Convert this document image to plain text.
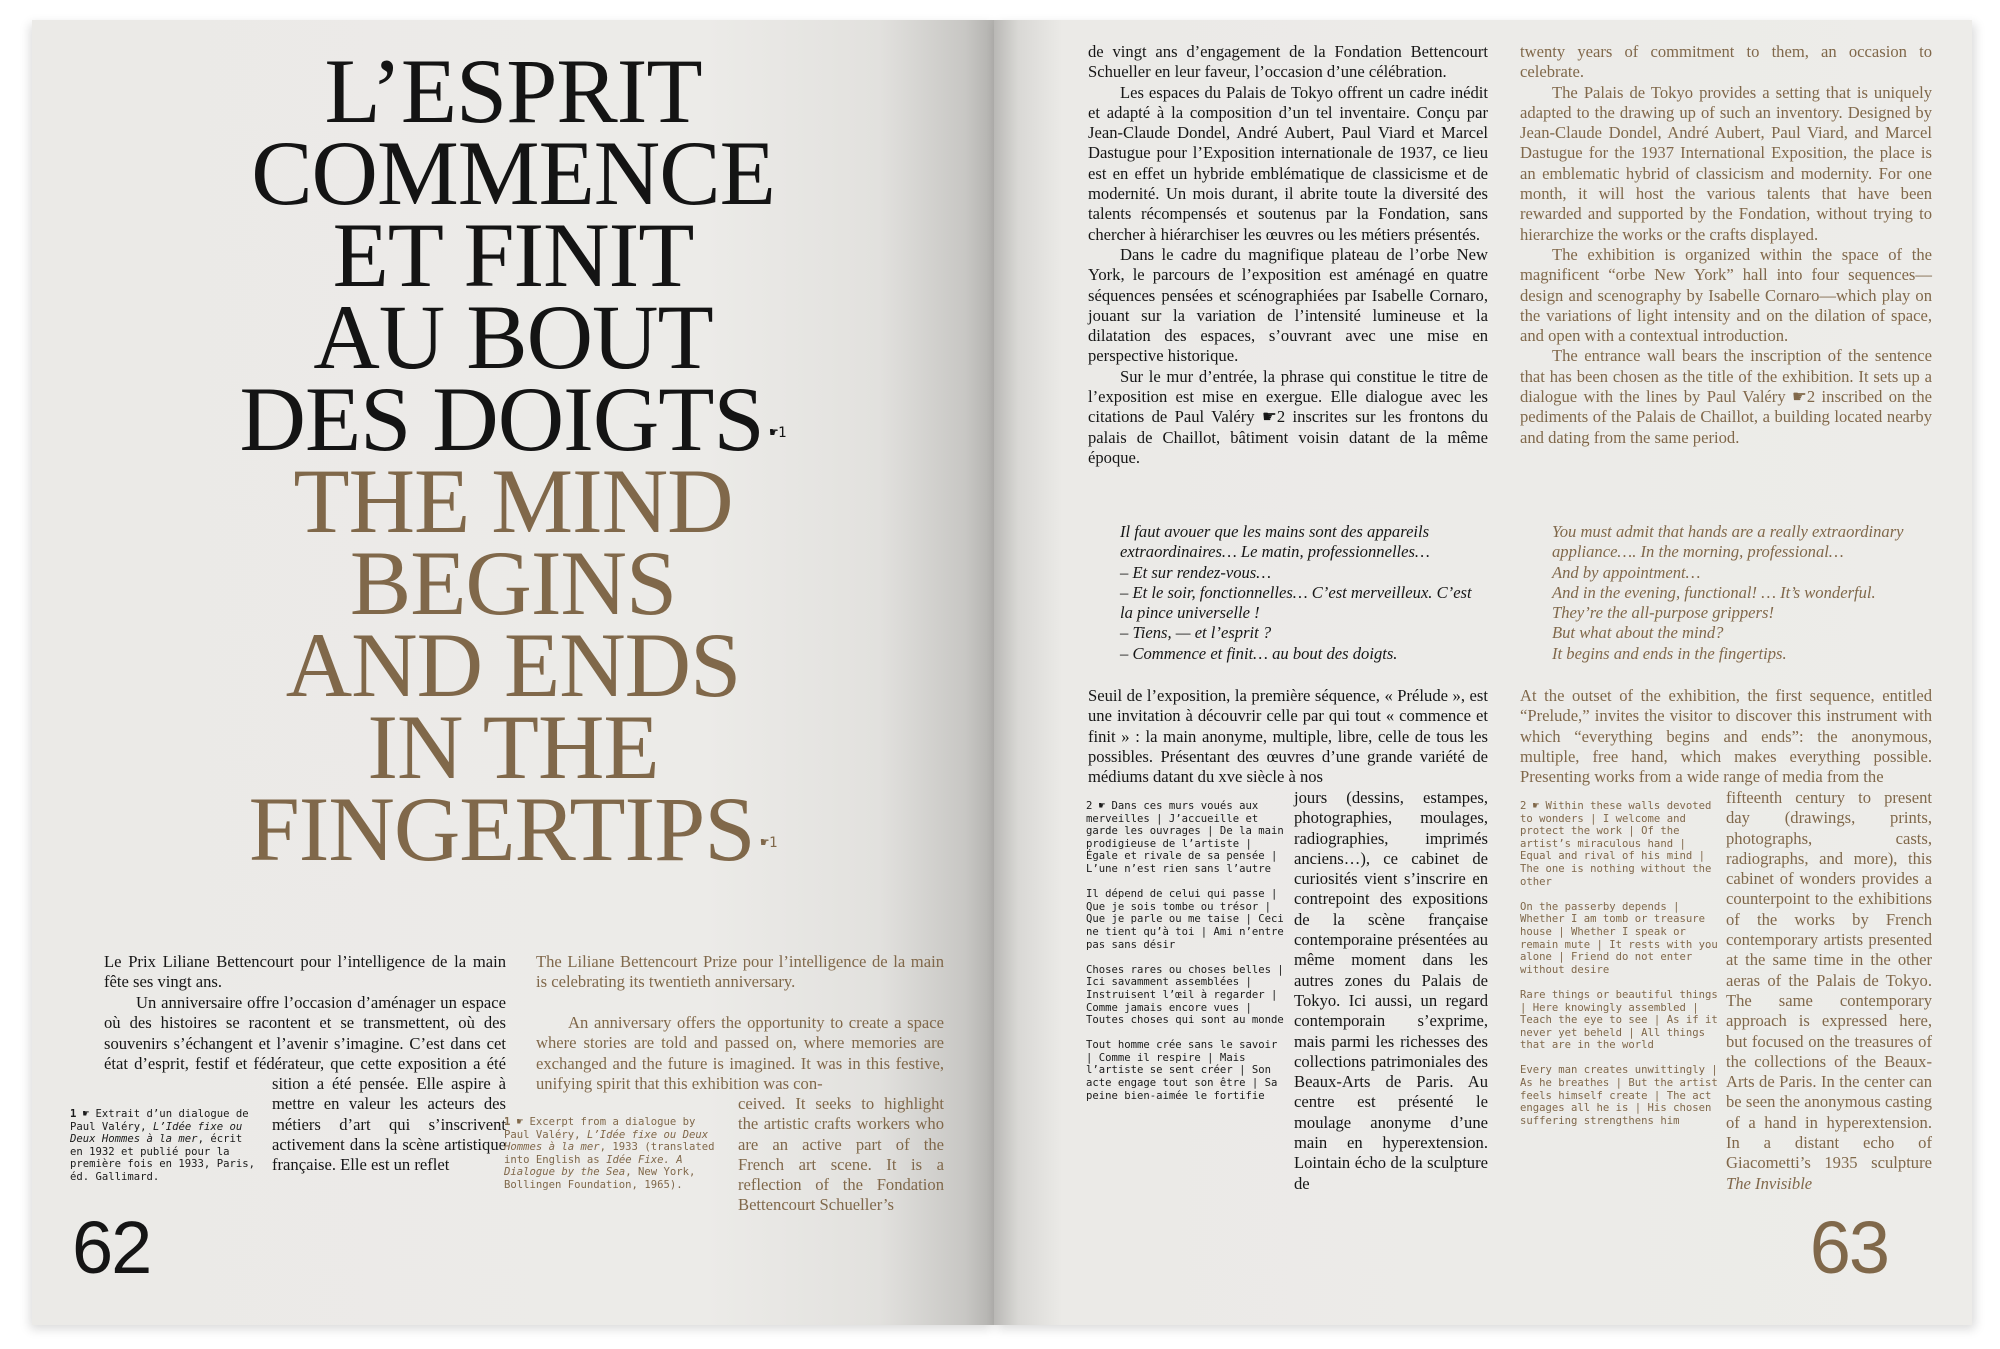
L’ESPRIT
COMMENCE
ET FINIT
AU BOUT
DES DOIGTS $^{☛1}$
THE MIND
BEGINS
AND ENDS
IN THE
FINGERTIPS $^{☛1}$

Le Prix Liliane Bettencourt pour l’intelligence de la main fête ses vingt ans.

Un anniversaire offre l’occasion d’aménager un espace où des histoires se racontent et se transmettent, où des souvenirs s’échangent et l’avenir s’imagine. C’est dans cet état d’esprit, festif et fédérateur, que cette exposition a été

sition a été pensée. Elle aspire à mettre en valeur les acteurs des métiers d’art qui s’inscrivent activement dans la scène artistique française. Elle est un reflet

1 ☛ Extrait d’un dialogue de Paul Valéry, L’Idée fixe ou Deux Hommes à la mer, écrit en 1932 et publié pour la première fois en 1933, Paris, éd. Gallimard.

The Liliane Bettencourt Prize pour l’intelligence de la main is celebrating its twentieth anniversary.

An anniversary offers the opportunity to create a space where stories are told and passed on, where memories are exchanged and the future is imagined. It was in this festive, unifying spirit that this exhibition was con-

ceived. It seeks to highlight the artistic crafts workers who are an active part of the French art scene. It is a reflection of the Fondation Bettencourt Schueller’s

1 ☛ Excerpt from a dialogue by Paul Valéry, L’Idée fixe ou Deux Hommes à la mer, 1933 (translated into English as Idée Fixe. A Dialogue by the Sea, New York, Bollingen Foundation, 1965).

62

de vingt ans d’engagement de la Fondation Bettencourt Schueller en leur faveur, l’occasion d’une célébration.

Les espaces du Palais de Tokyo offrent un cadre inédit et adapté à la composition d’un tel inventaire. Conçu par Jean-Claude Dondel, André Aubert, Paul Viard et Marcel Dastugue pour l’Exposition internationale de 1937, ce lieu est en effet un hybride emblématique de classicisme et de modernité. Un mois durant, il abrite toute la diversité des talents récompensés et soutenus par la Fondation, sans chercher à hiérarchiser les œuvres ou les métiers présentés.

Dans le cadre du magnifique plateau de l’orbe New York, le parcours de l’exposition est aménagé en quatre séquences pensées et scénographiées par Isabelle Cornaro, jouant sur la variation de l’intensité lumineuse et la dilatation des espaces, s’ouvrant avec une mise en perspective historique.

Sur le mur d’entrée, la phrase qui constitue le titre de l’exposition est mise en exergue. Elle dialogue avec les citations de Paul Valéry ☛2 inscrites sur les frontons du palais de Chaillot, bâtiment voisin datant de la même époque.

twenty years of commitment to them, an occasion to celebrate.

The Palais de Tokyo provides a setting that is uniquely adapted to the drawing up of such an inventory. Designed by Jean-Claude Dondel, André Aubert, Paul Viard, and Marcel Dastugue for the 1937 International Exposition, the place is an emblematic hybrid of classicism and modernity. For one month, it will host the various talents that have been rewarded and supported by the Fondation, without trying to hierarchize the works or the crafts displayed.

The exhibition is organized within the space of the magnificent “orbe New York” hall into four sequences—design and scenography by Isabelle Cornaro—which play on the variations of light intensity and on the dilation of space, and open with a contextual introduction.

The entrance wall bears the inscription of the sentence that has been chosen as the title of the exhibition. It sets up a dialogue with the lines by Paul Valéry ☛2 inscribed on the pediments of the Palais de Chaillot, a building located nearby and dating from the same period.

Il faut avouer que les mains sont des appareils
extraordinaires… Le matin, professionnelles…
– Et sur rendez-vous…
– Et le soir, fonctionnelles… C’est merveilleux. C’est
la pince universelle !
– Tiens, — et l’esprit ?
– Commence et finit… au bout des doigts.
You must admit that hands are a really extraordinary
appliance…. In the morning, professional…
And by appointment…
And in the evening, functional! … It’s wonderful.
They’re the all-purpose grippers!
But what about the mind?
It begins and ends in the fingertips.

Seuil de l’exposition, la première séquence, « Prélude », est une invitation à découvrir celle par qui tout « commence et finit » : la main anonyme, multiple, libre, celle de tous les possibles. Présentant des œuvres d’une grande variété de médiums datant du xve siècle à nos

jours (dessins, estampes, photographies, moulages, radiographies, imprimés anciens…), ce cabinet de curiosités vient s’inscrire en contrepoint des expositions de la scène française contemporaine présentées au même moment dans les autres zones du Palais de Tokyo. Ici aussi, un regard contemporain s’exprime, mais parmi les richesses des collections patrimoniales des Beaux-Arts de Paris. Au centre est présenté le moulage anonyme d’une main en hyperextension. Lointain écho de la sculpture de

2 ☛ Dans ces murs voués aux merveilles | J’accueille et garde les ouvrages | De la main prodigieuse de l’artiste | Égale et rivale de sa pensée | L’une n’est rien sans l’autre

Il dépend de celui qui passe | Que je sois tombe ou trésor | Que je parle ou me taise | Ceci ne tient qu’à toi | Ami n’entre pas sans désir

Choses rares ou choses belles | Ici savamment assemblées | Instruisent l’œil à regarder | Comme jamais encore vues | Toutes choses qui sont au monde

Tout homme crée sans le savoir | Comme il respire | Mais l’artiste se sent créer | Son acte engage tout son être | Sa peine bien-aimée le fortifie

At the outset of the exhibition, the first sequence, entitled “Prelude,” invites the visitor to discover this instrument with which “everything begins and ends”: the anonymous, multiple, free hand, which makes everything possible. Presenting works from a wide range of media from the

fifteenth century to present day (drawings, prints, photographs, casts, radiographs, and more), this cabinet of wonders provides a counterpoint to the exhibitions of the works by French contemporary artists presented at the same time in the other aeras of the Palais de Tokyo. The same contemporary approach is expressed here, but focused on the treasures of the collections of the Beaux-Arts de Paris. In the center can be seen the anonymous casting of a hand in hyperextension. In a distant echo of Giacometti’s 1935 sculpture The Invisible

2 ☛ Within these walls devoted to wonders | I welcome and protect the work | Of the artist’s miraculous hand | Equal and rival of his mind | The one is nothing without the other

On the passerby depends | Whether I am tomb or treasure house | Whether I speak or remain mute | It rests with you alone | Friend do not enter without desire

Rare things or beautiful things | Here knowingly assembled | Teach the eye to see | As if it never yet beheld | All things that are in the world

Every man creates unwittingly | As he breathes | But the artist feels himself create | The act engages all he is | His chosen suffering strengthens him

63
